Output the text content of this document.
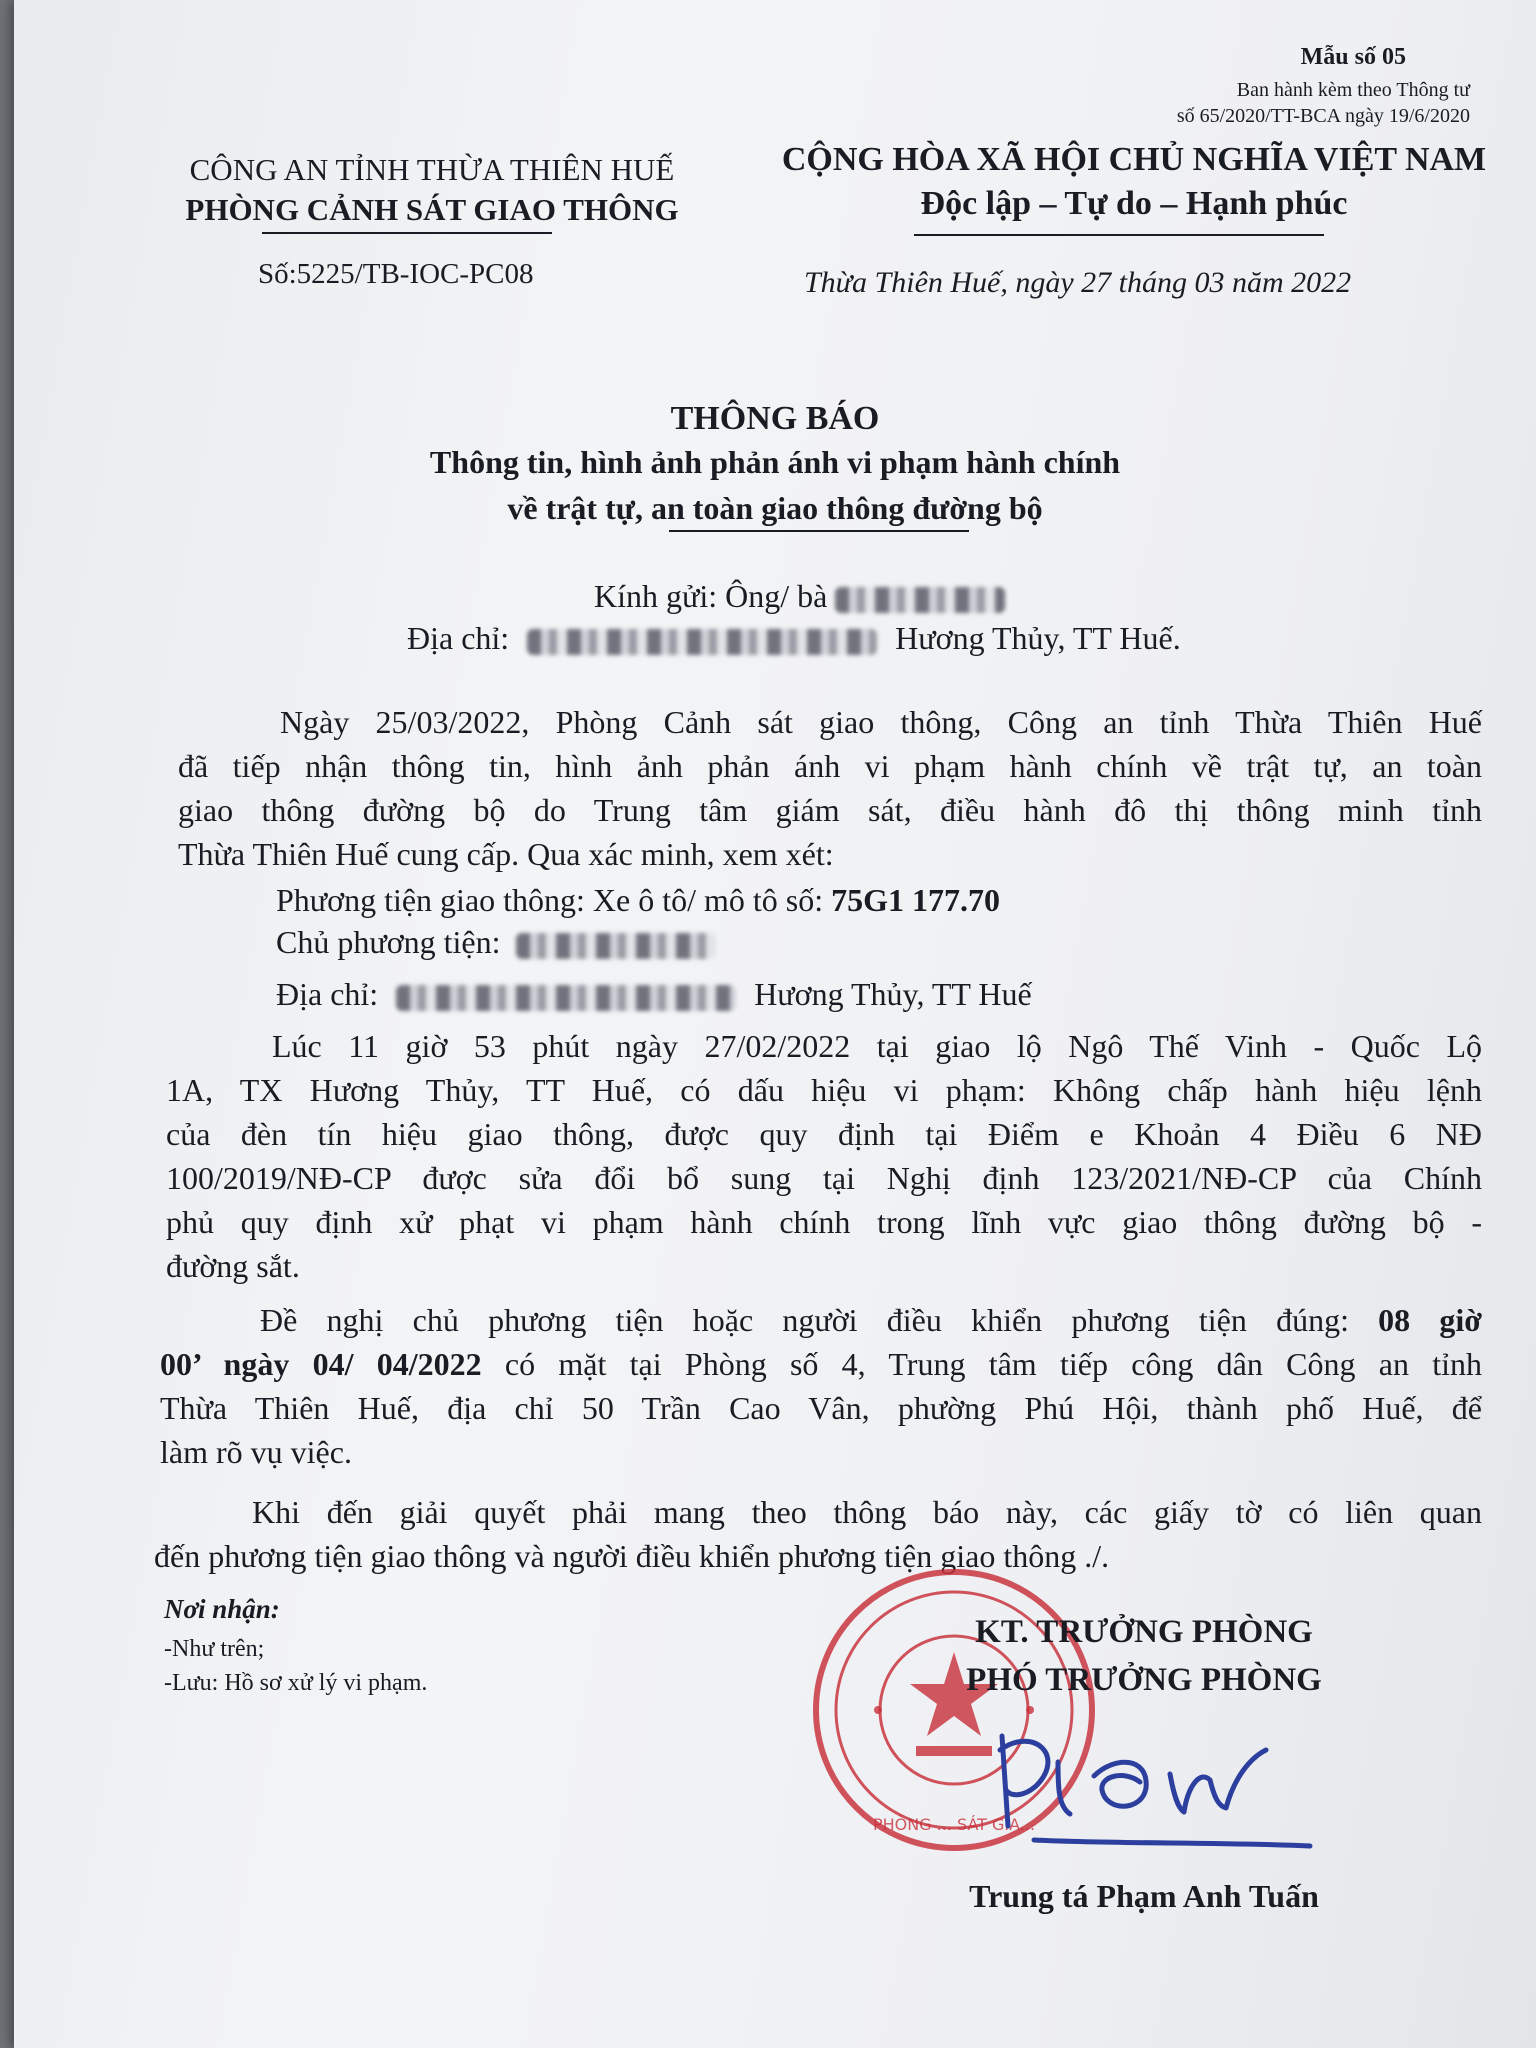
Mẫu số 05
Ban hành kèm theo Thông tư
số 65/2020/TT-BCA ngày 19/6/2020
CÔNG AN TỈNH THỪA THIÊN HUẾ
PHÒNG CẢNH SÁT GIAO THÔNG
CỘNG HÒA XÃ HỘI CHỦ NGHĨA VIỆT NAM
Độc lập – Tự do – Hạnh phúc
Số:5225/TB-IOC-PC08	Thừa Thiên Huế, ngày 27 tháng 03 năm 2022
THÔNG BÁO
Thông tin, hình ảnh phản ánh vi phạm hành chính
về trật tự, an toàn giao thông đường bộ
Kính gửi: Ông/ bà
Địa chỉ:	Hương Thủy, TT Huế.
Ngày 25/03/2022, Phòng Cảnh sát giao thông, Công an tỉnh Thừa Thiên Huế
đã tiếp nhận thông tin, hình ảnh phản ánh vi phạm hành chính về trật tự, an toàn
giao thông đường bộ do Trung tâm giám sát, điều hành đô thị thông minh tỉnh
Thừa Thiên Huế cung cấp. Qua xác minh, xem xét:
Phương tiện giao thông: Xe ô tô/ mô tô số: 75G1 177.70
Chủ phương tiện:
Địa chỉ:	Hương Thủy, TT Huế
Lúc 11 giờ 53 phút ngày 27/02/2022 tại giao lộ Ngô Thế Vinh - Quốc Lộ
1A, TX Hương Thủy, TT Huế, có dấu hiệu vi phạm: Không chấp hành hiệu lệnh
của đèn tín hiệu giao thông, được quy định tại Điểm e Khoản 4 Điều 6 NĐ
100/2019/NĐ-CP được sửa đổi bổ sung tại Nghị định 123/2021/NĐ-CP của Chính
phủ quy định xử phạt vi phạm hành chính trong lĩnh vực giao thông đường bộ -
đường sắt.
Đề nghị chủ phương tiện hoặc người điều khiển phương tiện đúng: 08 giờ
00’ ngày 04/ 04/2022 có mặt tại Phòng số 4, Trung tâm tiếp công dân Công an tỉnh
Thừa Thiên Huế, địa chỉ 50 Trần Cao Vân, phường Phú Hội, thành phố Huế, để
làm rõ vụ việc.
Khi đến giải quyết phải mang theo thông báo này, các giấy tờ có liên quan
đến phương tiện giao thông và người điều khiển phương tiện giao thông ./.
Nơi nhận:
-Như trên;
-Lưu: Hồ sơ xử lý vi phạm.
PHÒNG ... SÁT GIA...
KT. TRƯỞNG PHÒNG
PHÓ TRƯỞNG PHÒNG
Trung tá Phạm Anh Tuấn
